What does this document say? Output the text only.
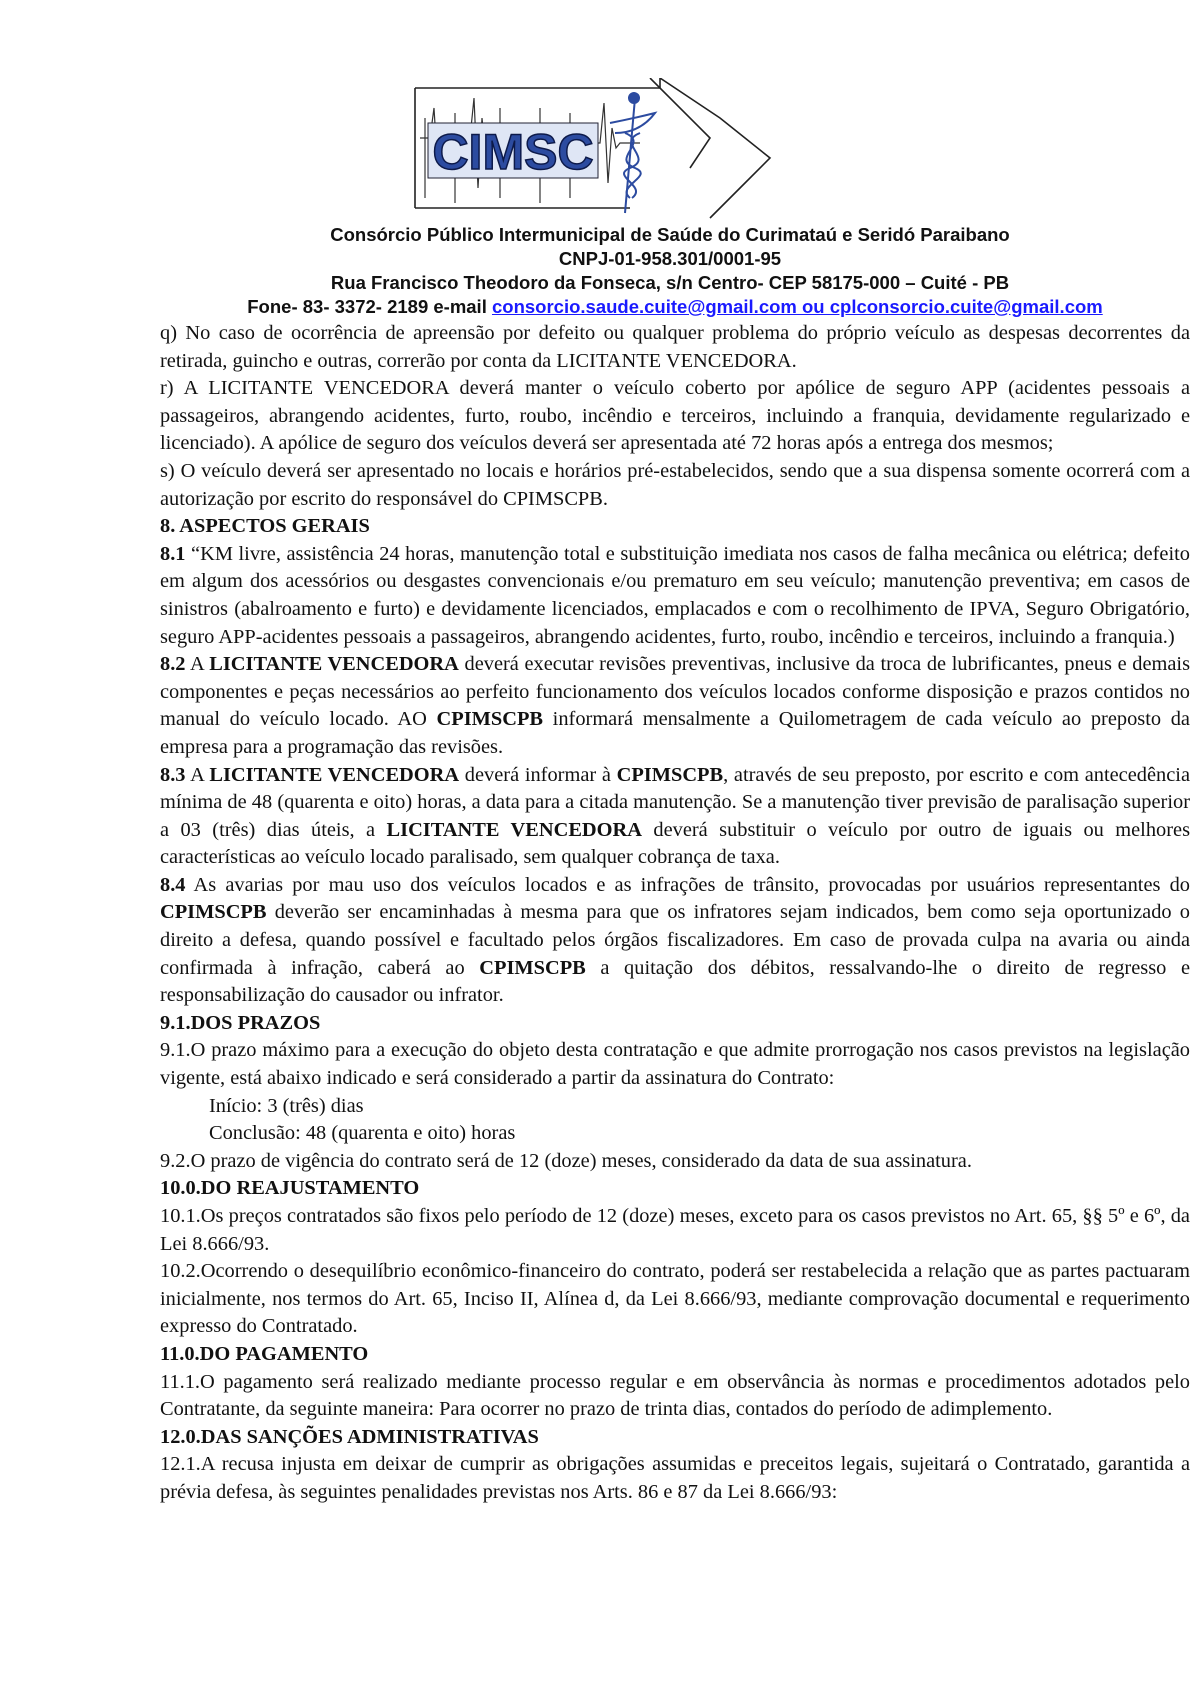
CIMSC
Consórcio Público Intermunicipal de Saúde do Curimataú e Seridó Paraibano
CNPJ-01-958.301/0001-95
Rua Francisco Theodoro da Fonseca, s/n Centro- CEP 58175-000 – Cuité - PB
Fone- 83- 3372- 2189 e-mail consorcio.saude.cuite@gmail.com ou cplconsorcio.cuite@gmail.com

q) No caso de ocorrência de apreensão por defeito ou qualquer problema do próprio veículo as despesas decorrentes da retirada, guincho e outras, correrão por conta da LICITANTE VENCEDORA.

r) A LICITANTE VENCEDORA deverá manter o veículo coberto por apólice de seguro APP (acidentes pessoais a passageiros, abrangendo acidentes, furto, roubo, incêndio e terceiros, incluindo a franquia, devidamente regularizado e licenciado). A apólice de seguro dos veículos deverá ser apresentada até 72 horas após a entrega dos mesmos;

s) O veículo deverá ser apresentado no locais e horários pré-estabelecidos, sendo que a sua dispensa somente ocorrerá com a autorização por escrito do responsável do CPIMSCPB.

8. ASPECTOS GERAIS

8.1 “KM livre, assistência 24 horas, manutenção total e substituição imediata nos casos de falha mecânica ou elétrica; defeito em algum dos acessórios ou desgastes convencionais e/ou prematuro em seu veículo; manutenção preventiva; em casos de sinistros (abalroamento e furto) e devidamente licenciados, emplacados e com o recolhimento de IPVA, Seguro Obrigatório, seguro APP-acidentes pessoais a passageiros, abrangendo acidentes, furto, roubo, incêndio e terceiros, incluindo a franquia.)

8.2 A LICITANTE VENCEDORA deverá executar revisões preventivas, inclusive da troca de lubrificantes, pneus e demais componentes e peças necessários ao perfeito funcionamento dos veículos locados conforme disposição e prazos contidos no manual do veículo locado. AO CPIMSCPB informará mensalmente a Quilometragem de cada veículo ao preposto da empresa para a programação das revisões.

8.3 A LICITANTE VENCEDORA deverá informar à CPIMSCPB, através de seu preposto, por escrito e com antecedência mínima de 48 (quarenta e oito) horas, a data para a citada manutenção. Se a manutenção tiver previsão de paralisação superior a 03 (três) dias úteis, a LICITANTE VENCEDORA deverá substituir o veículo por outro de iguais ou melhores características ao veículo locado paralisado, sem qualquer cobrança de taxa.

8.4 As avarias por mau uso dos veículos locados e as infrações de trânsito, provocadas por usuários representantes do CPIMSCPB deverão ser encaminhadas à mesma para que os infratores sejam indicados, bem como seja oportunizado o direito a defesa, quando possível e facultado pelos órgãos fiscalizadores. Em caso de provada culpa na avaria ou ainda confirmada à infração, caberá ao CPIMSCPB a quitação dos débitos, ressalvando-lhe o direito de regresso e responsabilização do causador ou infrator.

9.1.DOS PRAZOS

9.1.O prazo máximo para a execução do objeto desta contratação e que admite prorrogação nos casos previstos na legislação vigente, está abaixo indicado e será considerado a partir da assinatura do Contrato:

Início: 3 (três) dias

Conclusão: 48 (quarenta e oito) horas

9.2.O prazo de vigência do contrato será de 12 (doze) meses, considerado da data de sua assinatura.

10.0.DO REAJUSTAMENTO

10.1.Os preços contratados são fixos pelo período de 12 (doze) meses, exceto para os casos previstos no Art. 65, §§ 5º e 6º, da Lei 8.666/93.

10.2.Ocorrendo o desequilíbrio econômico-financeiro do contrato, poderá ser restabelecida a relação que as partes pactuaram inicialmente, nos termos do Art. 65, Inciso II, Alínea d, da Lei 8.666/93, mediante comprovação documental e requerimento expresso do Contratado.

11.0.DO PAGAMENTO

11.1.O pagamento será realizado mediante processo regular e em observância às normas e procedimentos adotados pelo Contratante, da seguinte maneira: Para ocorrer no prazo de trinta dias, contados do período de adimplemento.

12.0.DAS SANÇÕES ADMINISTRATIVAS

12.1.A recusa injusta em deixar de cumprir as obrigações assumidas e preceitos legais, sujeitará o Contratado, garantida a prévia defesa, às seguintes penalidades previstas nos Arts. 86 e 87 da Lei 8.666/93:
